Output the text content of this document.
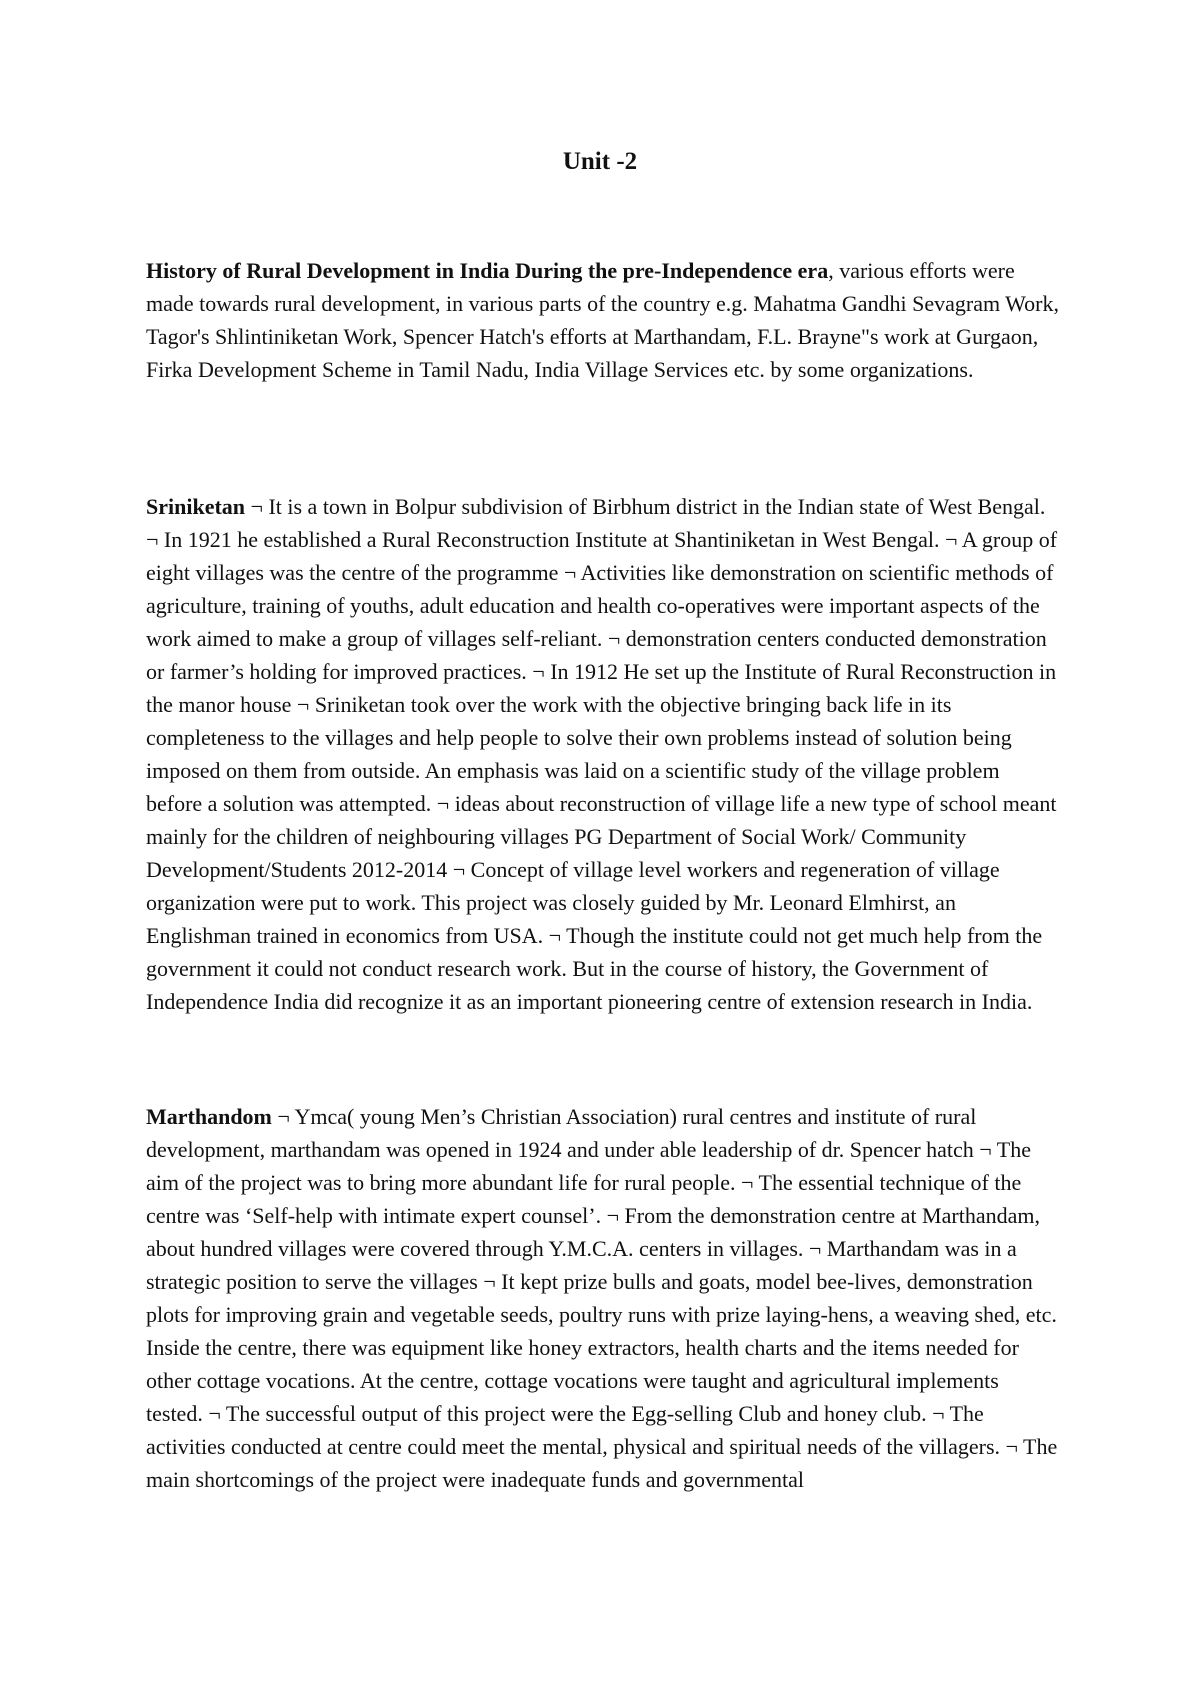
Unit -2

History of Rural Development in India During the pre-Independence era, various efforts were made towards rural development, in various parts of the country e.g. Mahatma Gandhi Sevagram Work, Tagor's Shlintiniketan Work, Spencer Hatch's efforts at Marthandam, F.L. Brayne"s work at Gurgaon, Firka Development Scheme in Tamil Nadu, India Village Services etc. by some organizations.

Sriniketan ¬ It is a town in Bolpur subdivision of Birbhum district in the Indian state of West Bengal. ¬ In 1921 he established a Rural Reconstruction Institute at Shantiniketan in West Bengal. ¬ A group of eight villages was the centre of the programme ¬ Activities like demonstration on scientific methods of agriculture, training of youths, adult education and health co-operatives were important aspects of the work aimed to make a group of villages self-reliant. ¬ demonstration centers conducted demonstration or farmer’s holding for improved practices. ¬ In 1912 He set up the Institute of Rural Reconstruction in the manor house ¬ Sriniketan took over the work with the objective bringing back life in its completeness to the villages and help people to solve their own problems instead of solution being imposed on them from outside. An emphasis was laid on a scientific study of the village problem before a solution was attempted. ¬ ideas about reconstruction of village life a new type of school meant mainly for the children of neighbouring villages PG Department of Social Work/ Community Development/Students 2012-2014 ¬ Concept of village level workers and regeneration of village organization were put to work. This project was closely guided by Mr. Leonard Elmhirst, an Englishman trained in economics from USA. ¬ Though the institute could not get much help from the government it could not conduct research work. But in the course of history, the Government of Independence India did recognize it as an important pioneering centre of extension research in India.

Marthandom ¬ Ymca( young Men’s Christian Association) rural centres and institute of rural development, marthandam was opened in 1924 and under able leadership of dr. Spencer hatch ¬ The aim of the project was to bring more abundant life for rural people. ¬ The essential technique of the centre was ‘Self-help with intimate expert counsel’. ¬ From the demonstration centre at Marthandam, about hundred villages were covered through Y.M.C.A. centers in villages. ¬ Marthandam was in a strategic position to serve the villages ¬ It kept prize bulls and goats, model bee-lives, demonstration plots for improving grain and vegetable seeds, poultry runs with prize laying-hens, a weaving shed, etc. Inside the centre, there was equipment like honey extractors, health charts and the items needed for other cottage vocations. At the centre, cottage vocations were taught and agricultural implements tested. ¬ The successful output of this project were the Egg-selling Club and honey club. ¬ The activities conducted at centre could meet the mental, physical and spiritual needs of the villagers. ¬ The main shortcomings of the project were inadequate funds and governmental
